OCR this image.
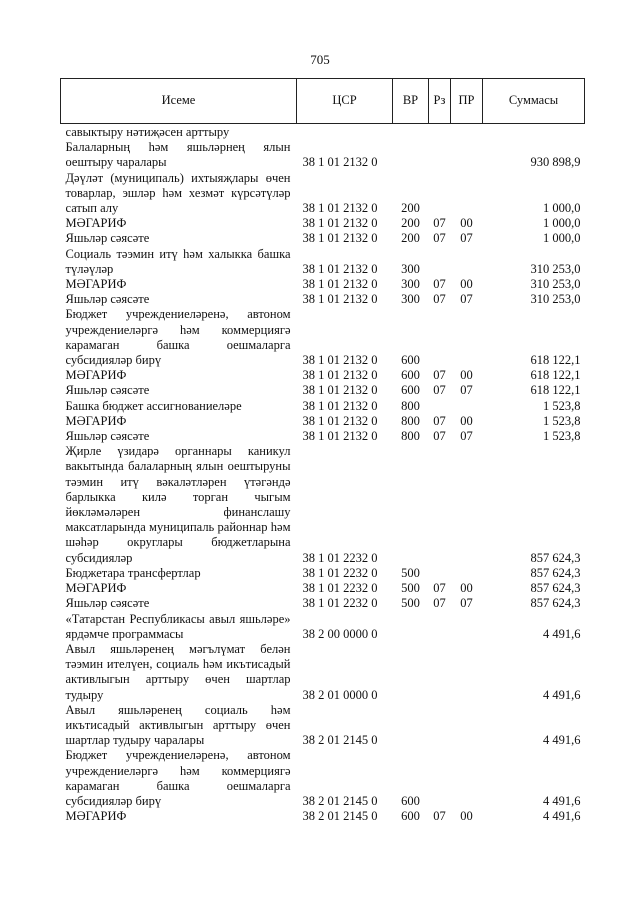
705
Исеме	ЦСР	ВР	Рз	ПР	Суммасы
савыктыру нәтиҗәсен арттыру					
Балаларның һәм яшьләрнең ялын оештыру чаралары	38 1 01 2132 0				930 898,9
Дәүләт (муниципаль) ихтыяҗлары өчен товарлар, эшләр һәм хезмәт күрсәтүләр сатып алу	38 1 01 2132 0	200			1 000,0
МӘГАРИФ	38 1 01 2132 0	200	07	00	1 000,0
Яшьләр сәясәте	38 1 01 2132 0	200	07	07	1 000,0
Социаль тәэмин итү һәм халыкка башка түләүләр	38 1 01 2132 0	300			310 253,0
МӘГАРИФ	38 1 01 2132 0	300	07	00	310 253,0
Яшьләр сәясәте	38 1 01 2132 0	300	07	07	310 253,0
Бюджет учреждениеләренә, автоном учреждениеләргә һәм коммерциягә карамаган башка оешмаларга субсидияләр бирү	38 1 01 2132 0	600			618 122,1
МӘГАРИФ	38 1 01 2132 0	600	07	00	618 122,1
Яшьләр сәясәте	38 1 01 2132 0	600	07	07	618 122,1
Башка бюджет ассигнованиеләре	38 1 01 2132 0	800			1 523,8
МӘГАРИФ	38 1 01 2132 0	800	07	00	1 523,8
Яшьләр сәясәте	38 1 01 2132 0	800	07	07	1 523,8
Җирле үзидарә органнары каникул вакытында балаларның ялын оештыруны тәэмин итү вәкаләтләрен үтәгәндә барлыкка килә торган чыгым йөкләмәләрен финанслашу максатларында муниципаль районнар һәм шәһәр округлары бюджетларына субсидияләр	38 1 01 2232 0				857 624,3
Бюджетара трансфертлар	38 1 01 2232 0	500			857 624,3
МӘГАРИФ	38 1 01 2232 0	500	07	00	857 624,3
Яшьләр сәясәте	38 1 01 2232 0	500	07	07	857 624,3
«Татарстан Республикасы авыл яшьләре» ярдәмче программасы	38 2 00 0000 0				4 491,6
Авыл яшьләренең мәгълүмат белән тәэмин ителүен, социаль һәм икътисадый активлыгын арттыру өчен шартлар тудыру	38 2 01 0000 0				4 491,6
Авыл яшьләренең социаль һәм икътисадый активлыгын арттыру өчен шартлар тудыру чаралары	38 2 01 2145 0				4 491,6
Бюджет учреждениеләренә, автоном учреждениеләргә һәм коммерциягә карамаган башка оешмаларга субсидияләр бирү	38 2 01 2145 0	600			4 491,6
МӘГАРИФ	38 2 01 2145 0	600	07	00	4 491,6
